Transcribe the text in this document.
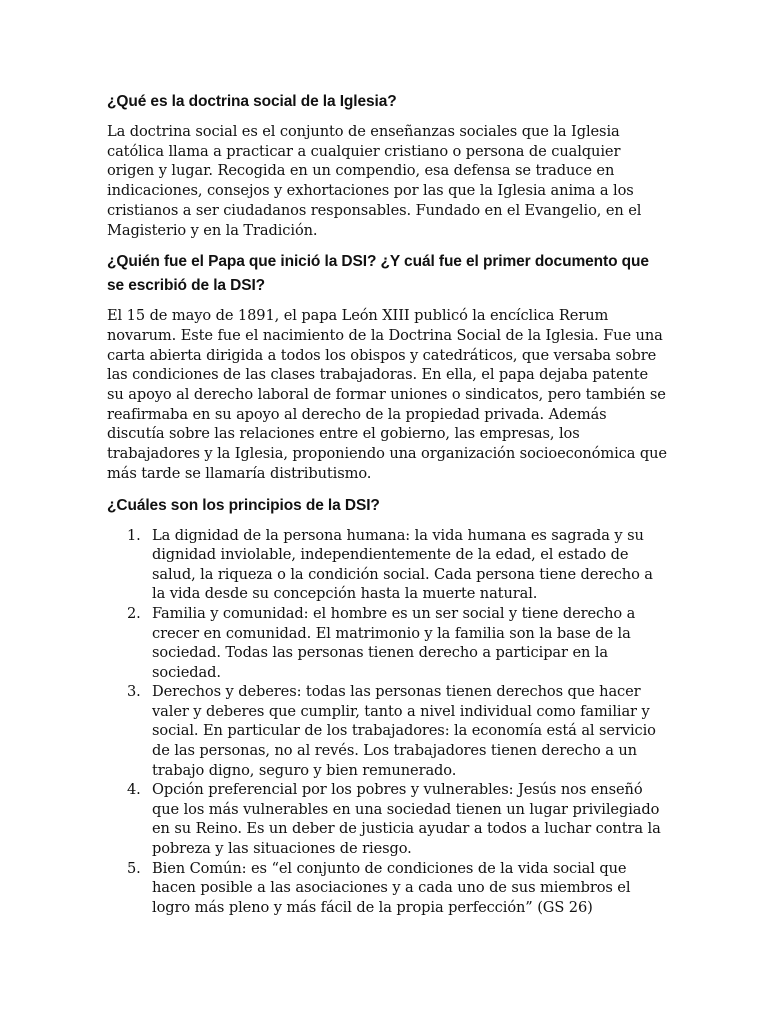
¿Qué es la doctrina social de la Iglesia?

La doctrina social es el conjunto de enseñanzas sociales que la Iglesia católica llama a practicar a cualquier cristiano o persona de cualquier origen y lugar. Recogida en un compendio, esa defensa se traduce en indicaciones, consejos y exhortaciones por las que la Iglesia anima a los cristianos a ser ciudadanos responsables. Fundado en el Evangelio, en el Magisterio y en la Tradición.

¿Quién fue el Papa que inició la DSI? ¿Y cuál fue el primer documento que se escribió de la DSI?

El 15 de mayo de 1891, el papa León XIII publicó la encíclica Rerum novarum. Este fue el nacimiento de la Doctrina Social de la Iglesia. Fue una carta abierta dirigida a todos los obispos y catedráticos, que versaba sobre las condiciones de las clases trabajadoras. En ella, el papa dejaba patente su apoyo al derecho laboral de formar uniones o sindicatos, pero también se reafirmaba en su apoyo al derecho de la propiedad privada. Además discutía sobre las relaciones entre el gobierno, las empresas, los trabajadores y la Iglesia, proponiendo una organización socioeconómica que más tarde se llamaría distributismo.

¿Cuáles son los principios de la DSI?
1. La dignidad de la persona humana: la vida humana es sagrada y su dignidad inviolable, independientemente de la edad, el estado de salud, la riqueza o la condición social. Cada persona tiene derecho a la vida desde su concepción hasta la muerte natural.
2. Familia y comunidad: el hombre es un ser social y tiene derecho a crecer en comunidad. El matrimonio y la familia son la base de la sociedad. Todas las personas tienen derecho a participar en la sociedad.
3. Derechos y deberes: todas las personas tienen derechos que hacer valer y deberes que cumplir, tanto a nivel individual como familiar y social. En particular de los trabajadores: la economía está al servicio de las personas, no al revés. Los trabajadores tienen derecho a un trabajo digno, seguro y bien remunerado.
4. Opción preferencial por los pobres y vulnerables: Jesús nos enseñó que los más vulnerables en una sociedad tienen un lugar privilegiado en su Reino. Es un deber de justicia ayudar a todos a luchar contra la pobreza y las situaciones de riesgo.
5. Bien Común: es “el conjunto de condiciones de la vida social que hacen posible a las asociaciones y a cada uno de sus miembros el logro más pleno y más fácil de la propia perfección” (GS 26)
